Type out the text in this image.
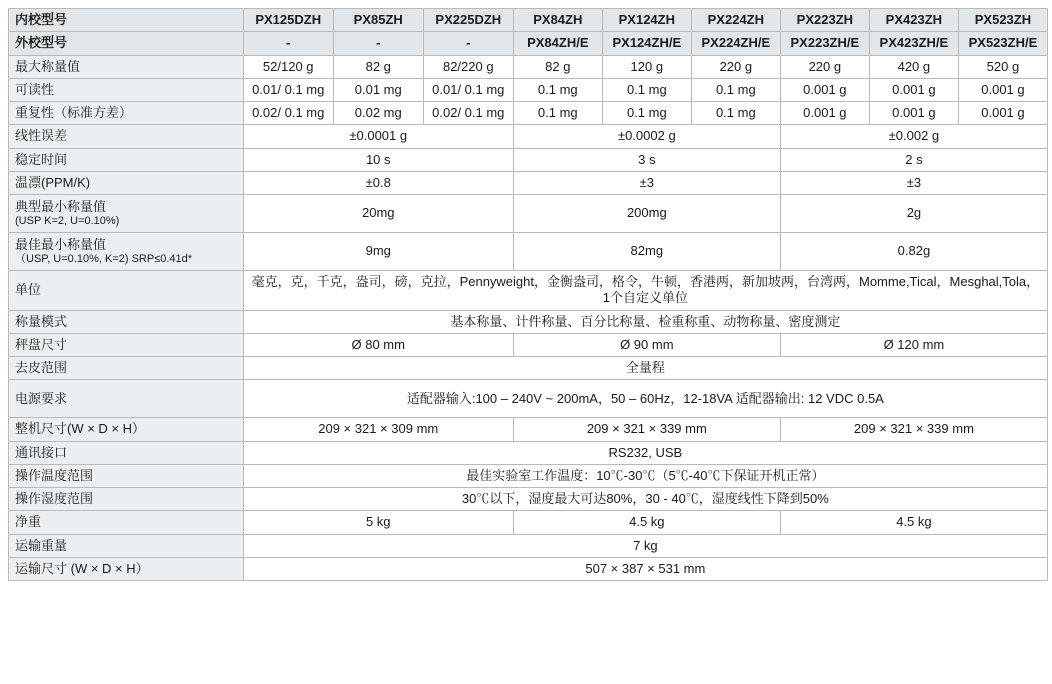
内校型号	PX125DZH	PX85ZH	PX225DZH	PX84ZH	PX124ZH	PX224ZH	PX223ZH	PX423ZH	PX523ZH
外校型号	-	-	-	PX84ZH/E	PX124ZH/E	PX224ZH/E	PX223ZH/E	PX423ZH/E	PX523ZH/E
最大称量值	52/120 g	82 g	82/220 g	82 g	120 g	220 g	220 g	420 g	520 g
可读性	0.01/ 0.1 mg	0.01 mg	0.01/ 0.1 mg	0.1 mg	0.1 mg	0.1 mg	0.001 g	0.001 g	0.001 g
重复性（标准方差）	0.02/ 0.1 mg	0.02 mg	0.02/ 0.1 mg	0.1 mg	0.1 mg	0.1 mg	0.001 g	0.001 g	0.001 g
线性误差	±0.0001 g			±0.0002 g			±0.002 g		
稳定时间	10 s			3 s			2 s		
温漂(PPM/K)	±0.8			±3			±3		

典型最小称量值
(USP K=2, U=0.10%)	20mg			200mg			2g		

最佳最小称量值
（USP, U=0.10%, K=2) SRP≤0.41d*	9mg			82mg			0.82g		
单位	毫克，克，千克，盎司，磅，克拉，Pennyweight，金衡盎司，格令，牛顿，香港两，新加坡两，台湾两，Momme,Tical，Mesghal,Tola，1个自定义单位								
称量模式	基本称量、计件称量、百分比称量、检重称重、动物称量、密度测定								
秤盘尺寸	Ø 80 mm			Ø 90 mm			Ø 120 mm		
去皮范围	全量程								
电源要求	适配器输入:100 – 240V ~ 200mA，50 – 60Hz，12-18VA 适配器输出: 12 VDC 0.5A								
整机尺寸(W × D × H）	209 × 321 × 309 mm			209 × 321 × 339 mm			209 × 321 × 339 mm		
通讯接口	RS232, USB								
操作温度范围	最佳实验室工作温度：10℃-30℃（5℃-40℃下保证开机正常）								
操作湿度范围	30℃以下，湿度最大可达80%，30 - 40℃，湿度线性下降到50%								
净重	5 kg			4.5 kg			4.5 kg		
运输重量	7 kg								
运输尺寸 (W × D × H）	507 × 387 × 531 mm								
